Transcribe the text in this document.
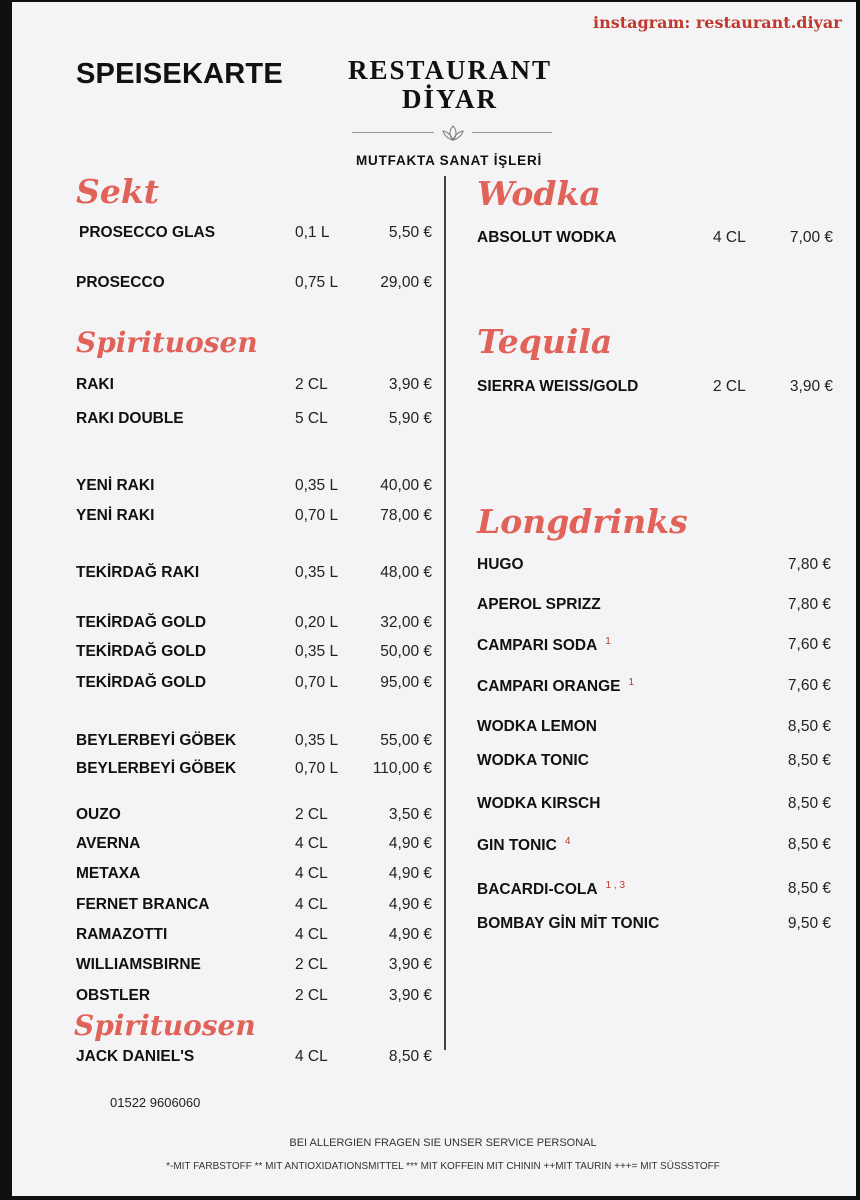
instagram: restaurant.diyar
SPEISEKARTE	RESTAURANT
DİYAR
MUTFAKTA SANAT İŞLERİ
Sekt
Spirituosen
Spirituosen
Wodka
Tequila
Longdrinks
PROSECCO GLAS	0,1 L	5,50 €
PROSECCO	0,75 L	29,00 €
RAKI	2 CL	3,90 €
RAKI DOUBLE	5 CL	5,90 €
YENİ RAKI	0,35 L	40,00 €
YENİ RAKI	0,70 L	78,00 €
TEKİRDAĞ RAKI	0,35 L	48,00 €
TEKİRDAĞ GOLD	0,20 L	32,00 €
TEKİRDAĞ GOLD	0,35 L	50,00 €
TEKİRDAĞ GOLD	0,70 L	95,00 €
BEYLERBEYİ GÖBEK	0,35 L	55,00 €
BEYLERBEYİ GÖBEK	0,70 L	110,00 €
OUZO	2 CL	3,50 €
AVERNA	4 CL	4,90 €
METAXA	4 CL	4,90 €
FERNET BRANCA	4 CL	4,90 €
RAMAZOTTI	4 CL	4,90 €
WILLIAMSBIRNE	2 CL	3,90 €
OBSTLER	2 CL	3,90 €
JACK DANIEL'S	4 CL	8,50 €
ABSOLUT WODKA	4 CL	7,00 €
SIERRA WEISS/GOLD	2 CL	3,90 €
HUGO	7,80 €
APEROL SPRIZZ	7,80 €
CAMPARI SODA $^1$	7,60 €
CAMPARI ORANGE $^1$	7,60 €
WODKA LEMON	8,50 €
WODKA TONIC	8,50 €
WODKA KIRSCH	8,50 €
GIN TONIC $^4$	8,50 €
BACARDI-COLA $^{1 , 3}$	8,50 €
BOMBAY GİN MİT TONIC	9,50 €
01522 9606060
BEI ALLERGIEN FRAGEN SIE UNSER SERVICE PERSONAL
*-MIT FARBSTOFF ** MIT ANTIOXIDATIONSMITTEL *** MIT KOFFEIN MIT CHININ ++MIT TAURIN +++= MIT SÜSSSTOFF
